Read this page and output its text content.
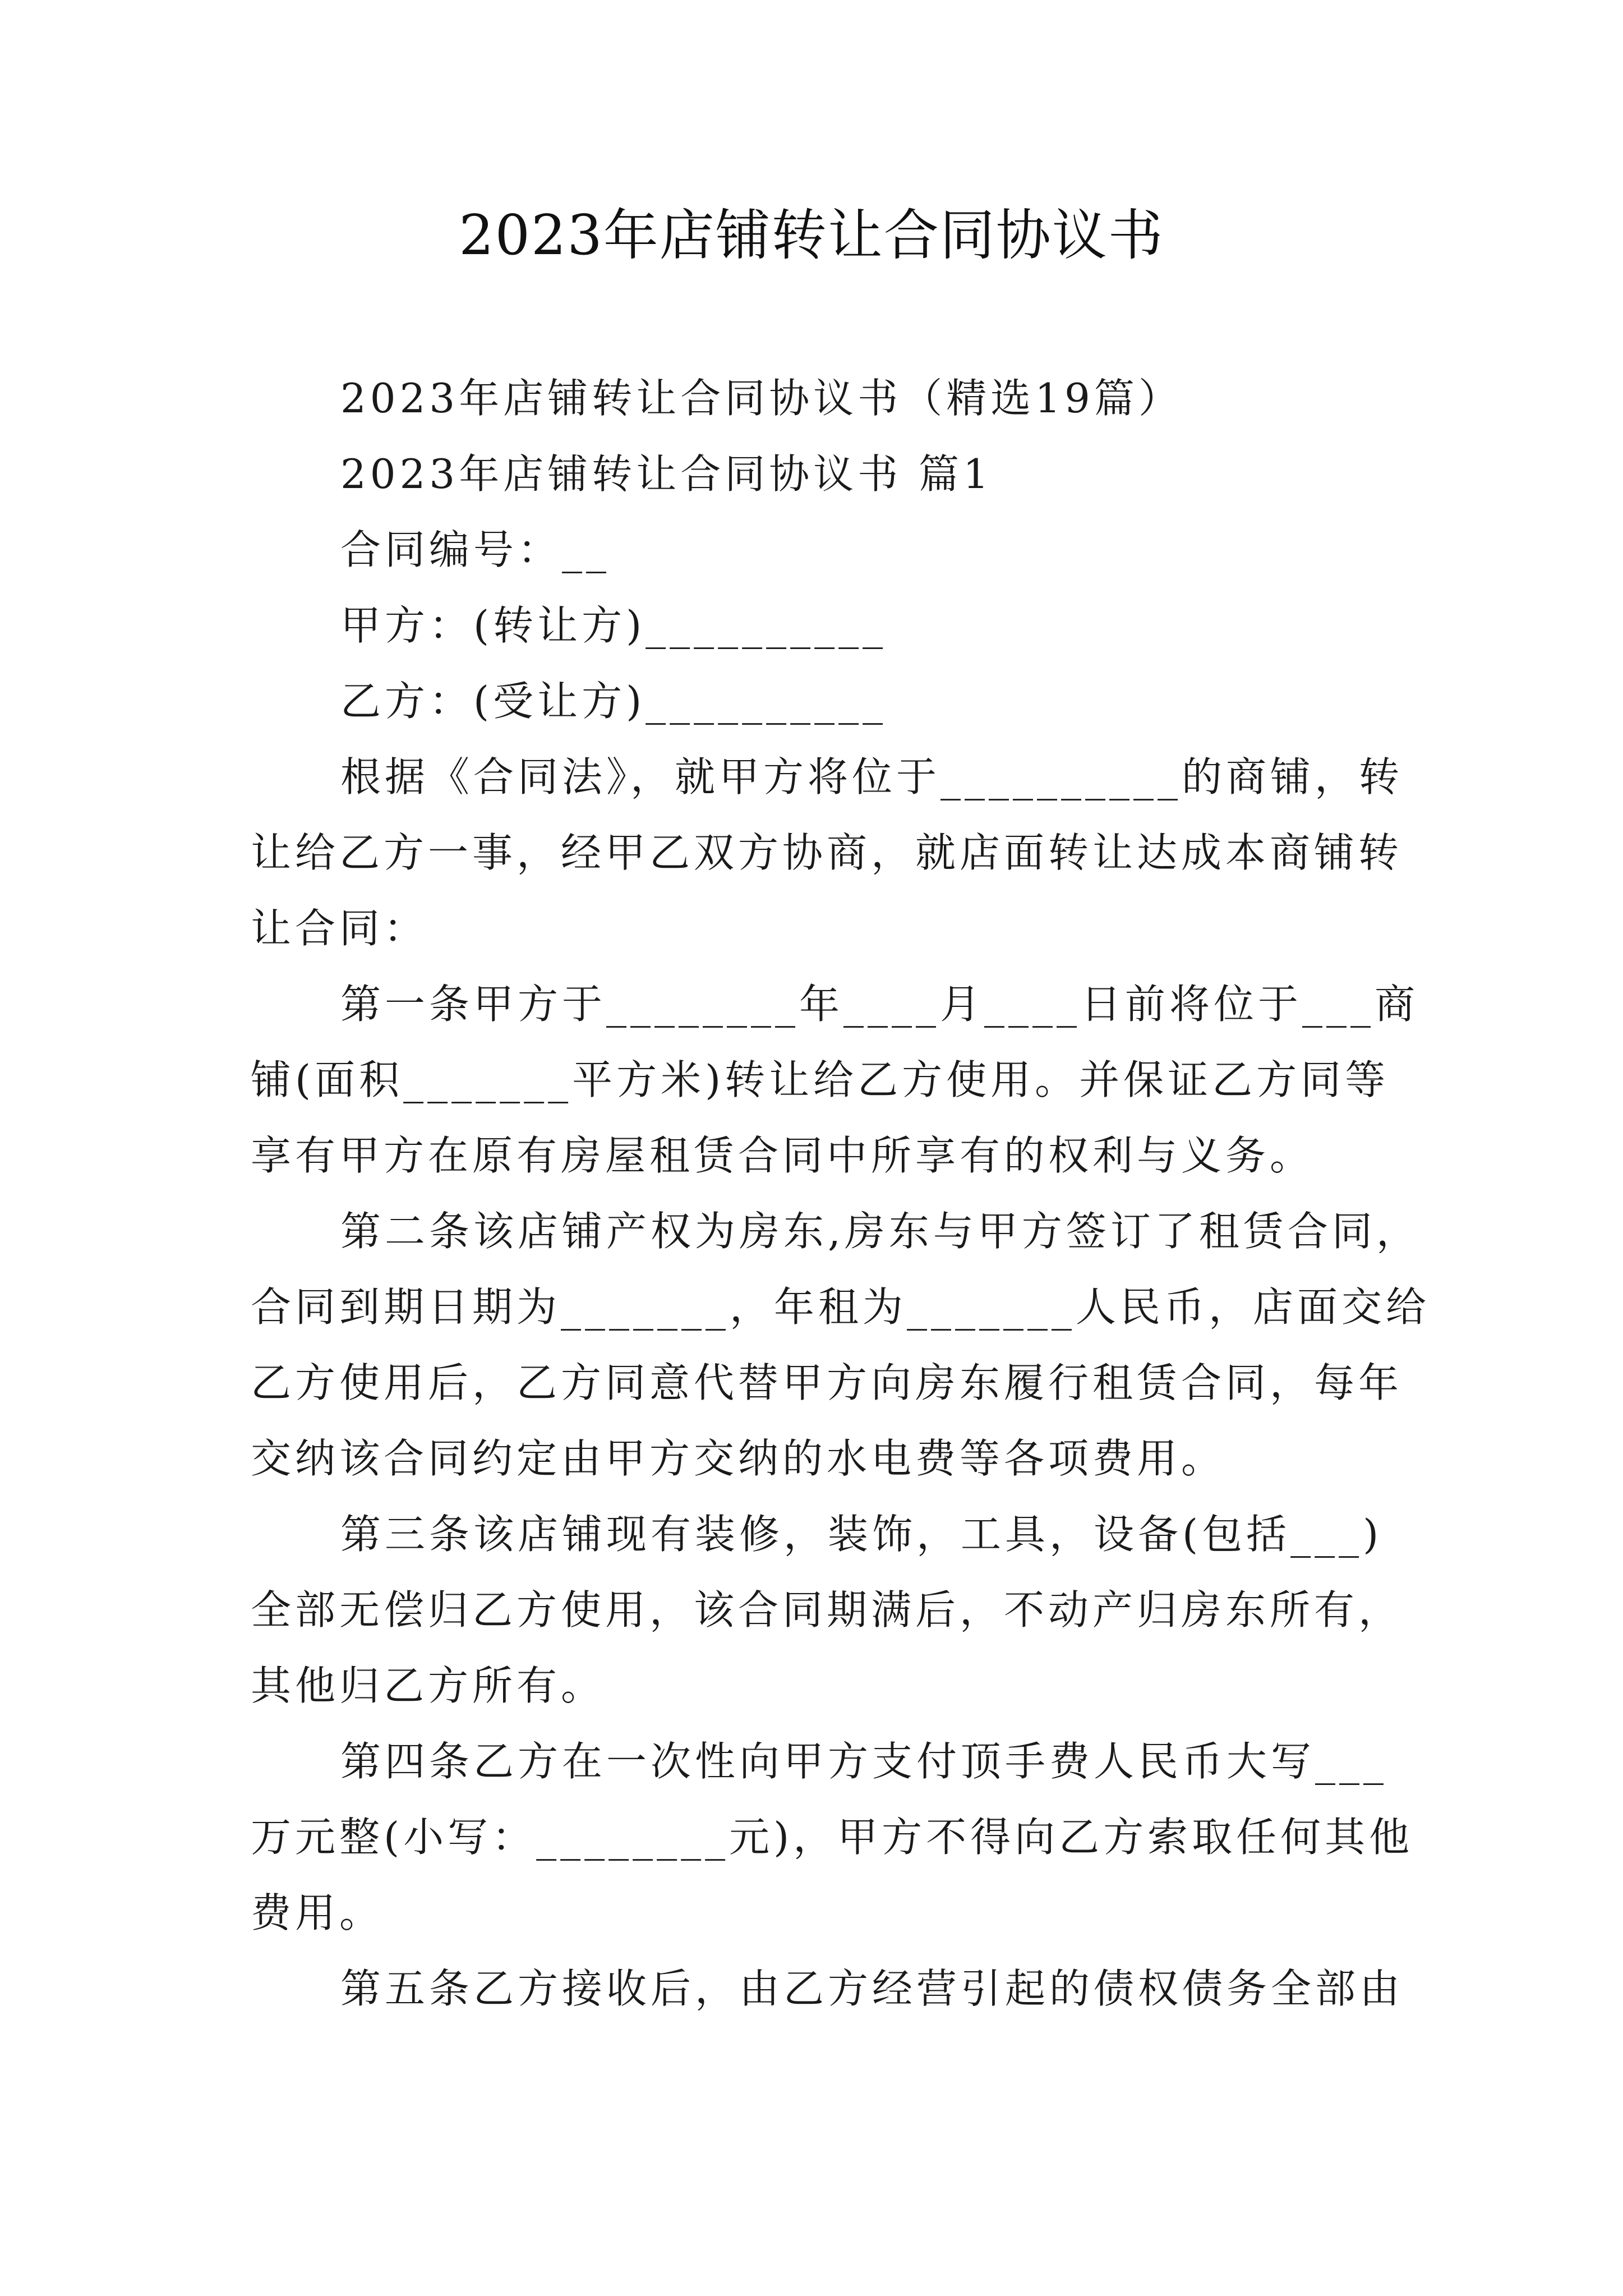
2023年店铺转让合同协议书
2023年店铺转让合同协议书（精选19篇）
2023年店铺转让合同协议书 篇1
合同编号：__
甲方：(转让方)__________
乙方：(受让方)__________
根据《合同法》，就甲方将位于__________的商铺，转
让给乙方一事，经甲乙双方协商，就店面转让达成本商铺转
让合同：
第一条甲方于________年____月____日前将位于___商
铺(面积_______平方米)转让给乙方使用。并保证乙方同等
享有甲方在原有房屋租赁合同中所享有的权利与义务。
第二条该店铺产权为房东,房东与甲方签订了租赁合同，
合同到期日期为_______，年租为_______人民币，店面交给
乙方使用后，乙方同意代替甲方向房东履行租赁合同，每年
交纳该合同约定由甲方交纳的水电费等各项费用。
第三条该店铺现有装修，装饰，工具，设备(包括___)
全部无偿归乙方使用，该合同期满后，不动产归房东所有，
其他归乙方所有。
第四条乙方在一次性向甲方支付顶手费人民币大写___
万元整(小写：________元)，甲方不得向乙方索取任何其他
费用。
第五条乙方接收后，由乙方经营引起的债权债务全部由
